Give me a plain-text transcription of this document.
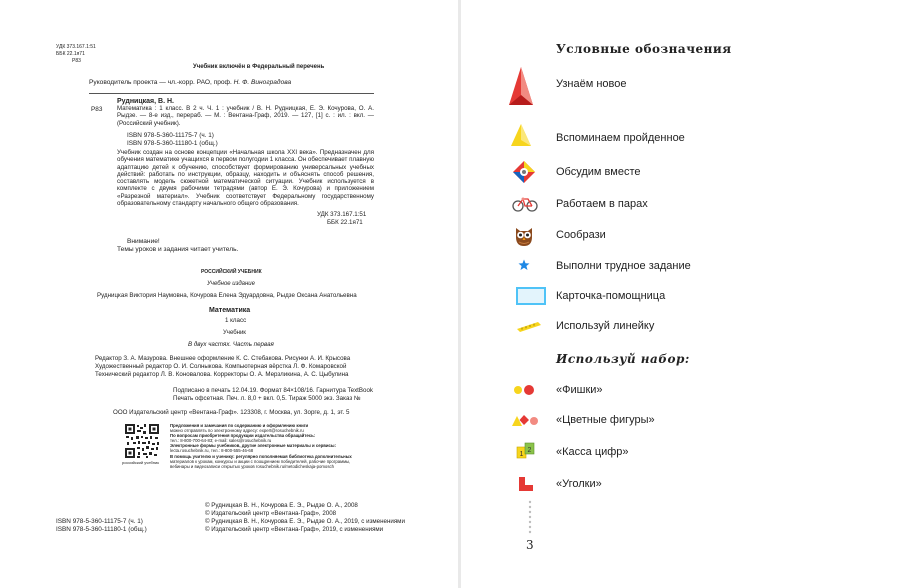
УДК 373.167.1:51
ББК 22.1я71
Р83
Учебник включён в Федеральный перечень
Руководитель проекта — чл.-корр. РАО, проф. Н. Ф. Виноградова
Рудницкая, В. Н.
Р83 Математика : 1 класс. В 2 ч. Ч. 1 : учебник / В. Н. Рудницкая, Е. Э. Кочурова, О. А. Рыдзе. — 8-е изд., перераб. — М. : Вентана-Граф, 2019. — 127, [1] с. : ил. : вкл. — (Российский учебник).
ISBN 978-5-360-11175-7 (ч. 1)
ISBN 978-5-360-11180-1 (общ.)
Учебник создан на основе концепции «Начальная школа XXI века». Предназначен для обучения математике учащихся в первом полугодии 1 класса. Он обеспечивает плавную адаптацию детей к обучению, способствует формированию универсальных учебных действий: работать по инструкции, образцу, находить и объяснять способ решения, составлять модель сюжетной математической ситуации. Учебник используется в комплекте с двумя рабочими тетрадями (автор Е. Э. Кочурова) и приложением «Разрезной материал». Учебник соответствует Федеральному государственному образовательному стандарту начального общего образования.
УДК 373.167.1:51
ББК 22.1я71
Внимание!
Темы уроков и задания читает учитель.
РОССИЙСКИЙ УЧЕБНИК
Учебное издание
Рудницкая Виктория Наумовна, Кочурова Елена Эдуардовна, Рыдзе Оксана Анатольевна
Математика
1 класс
Учебник
В двух частях. Часть первая
Редактор З. А. Мазурова. Внешнее оформление К. С. Стебакова. Рисунки А. И. Крысова
Художественный редактор О. И. Солныкова. Компьютерная вёрстка Л. Ф. Комаровской
Технический редактор Л. В. Коновалова. Корректоры О. А. Мерзликина, А. С. Цыбулина
Подписано в печать 12.04.19. Формат 84×108/16. Гарнитура TextBook
Печать офсетная. Печ. л. 8,0 + вкл. 0,5. Тираж 5000 экз. Заказ №
ООО Издательский центр «Вентана-Граф». 123308, г. Москва, ул. Зорге, д. 1, эт. 5
российский учебник
Предложения и замечания по содержанию и оформлению книги
можно отправлять по электронному адресу: expert@rosuchebnik.ru
По вопросам приобретения продукции издательства обращайтесь:
тел.: 8-800-700-64-83; e-mail: sales@rosuchebnik.ru
Электронные формы учебников, другие электронные материалы и сервисы:
lecta.rosuchebnik.ru, тел.: 8-800-555-46-68
В помощь учителю и ученику: регулярно пополняемая библиотека дополнительных
материалов к урокам, конкурсы и акции с поощрением победителей, рабочие программы,
вебинары и видеозаписи открытых уроков rosuchebnik.ru/metodicheskaja-pomosch
© Рудницкая В. Н., Кочурова Е. Э., Рыдзе О. А., 2008
© Издательский центр «Вентана-Граф», 2008
© Рудницкая В. Н., Кочурова Е. Э., Рыдзе О. А., 2019, с изменениями
© Издательский центр «Вентана-Граф», 2019, с изменениями
ISBN 978-5-360-11175-7 (ч. 1)
ISBN 978-5-360-11180-1 (общ.)
Условные обозначения
Узнаём новое
Вспоминаем пройденное
Обсудим вместе
Работаем в парах
Сообрази
Выполни трудное задание
Карточка-помощница
Используй линейку
Используй набор:
«Фишки»
«Цветные фигуры»
1
2 «Касса цифр»
«Уголки»
3
